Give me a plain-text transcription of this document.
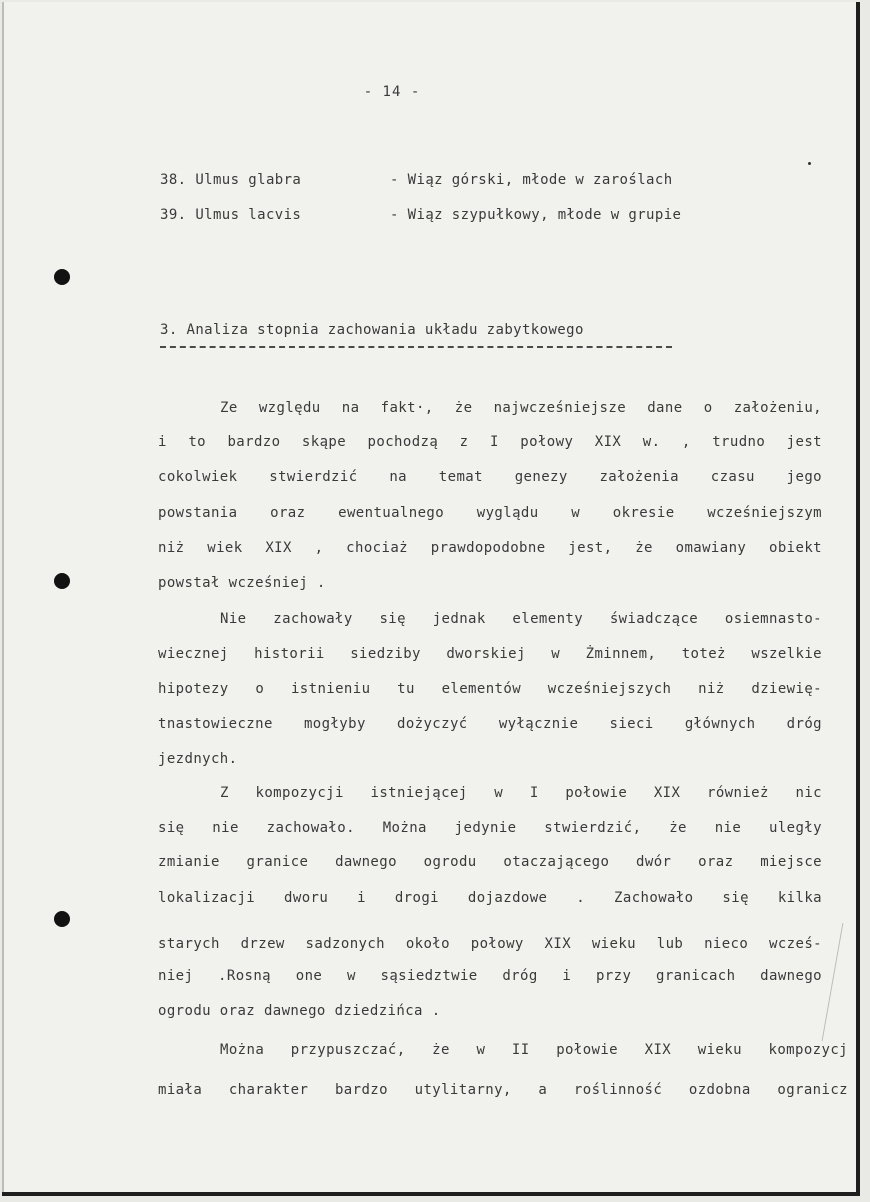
- 14 -
38. Ulmus glabra	- Wiąz górski, młode w zaroślach
39. Ulmus lacvis	- Wiąz szypułkowy, młode w grupie
3. Analiza stopnia zachowania układu zabytkowego
Ze względu na fakt·, że najwcześniejsze dane o założeniu,
i to bardzo skąpe pochodzą z I połowy XIX w. , trudno jest
cokolwiek stwierdzić na temat genezy założenia czasu jego
powstania oraz ewentualnego wyglądu w okresie wcześniejszym
niż wiek XIX , chociaż prawdopodobne jest, że omawiany obiekt
powstał wcześniej .
Nie zachowały się jednak elementy świadczące osiemnasto-
wiecznej historii siedziby dworskiej w Żminnem, toteż wszelkie
hipotezy o istnieniu tu elementów wcześniejszych niż dziewię-
tnastowieczne mogłyby dożyczyć wyłącznie sieci głównych dróg
jezdnych.
Z kompozycji istniejącej w I połowie XIX również nic
się nie zachowało. Można jedynie stwierdzić, że nie uległy
zmianie granice dawnego ogrodu otaczającego dwór oraz miejsce
lokalizacji dworu i drogi dojazdowe . Zachowało się kilka
starych drzew sadzonych około połowy XIX wieku lub nieco wcześ-
niej .Rosną one w sąsiedztwie dróg i przy granicach dawnego
ogrodu oraz dawnego dziedzińca .
Można przypuszczać, że w II połowie XIX wieku kompozycj
miała charakter bardzo utylitarny, a roślinność ozdobna ogranicz
